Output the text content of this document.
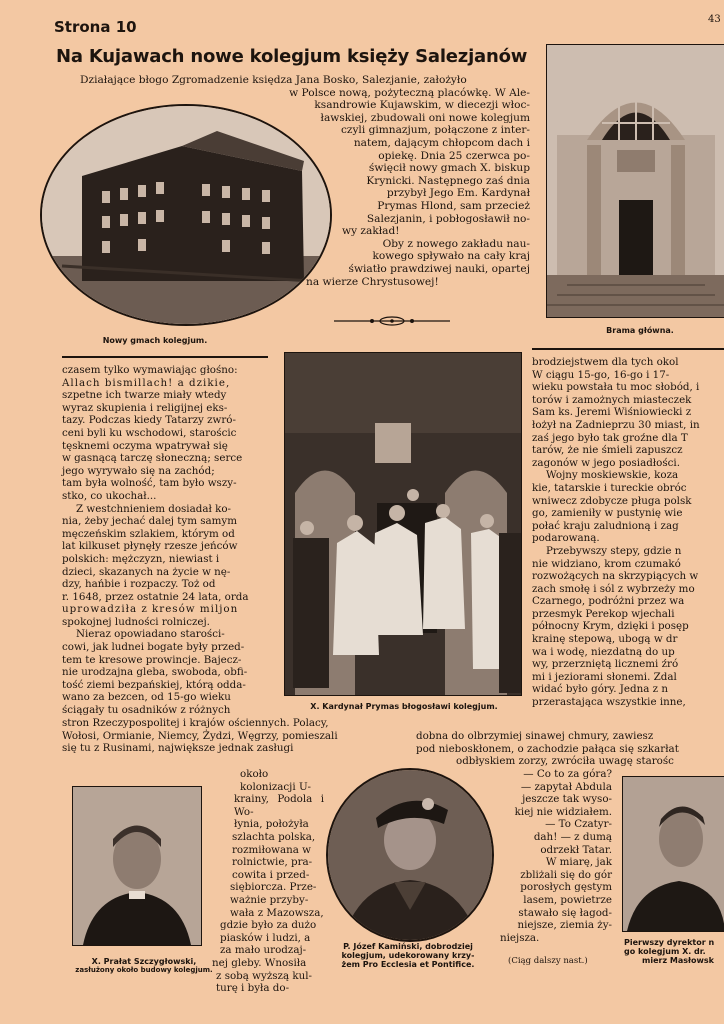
Strona 10	43
Na Kujawach nowe kolegjum księży Salezjanów
Działające błogo Zgromadzenie księdza Jana Bosko, Salezjanie, założyło
w Polsce nową, pożyteczną placówkę. W Ale-
ksandrowie Kujawskim, w diecezji włoc-
ławskiej, zbudowali oni nowe kolegjum
czyli gimnazjum, połączone z inter-
natem, dającym chłopcom dach i
opiekę. Dnia 25 czerwca po-
święcił nowy gmach X. biskup
Krynicki. Następnego zaś dnia
przybył Jego Em. Kardynał
Prymas Hlond, sam przecież
Salezjanin, i pobłogosławił no-
wy zakład!
Oby z nowego zakładu nau-
kowego spływało na cały kraj
światło prawdziwej nauki, opartej
na wierze Chrystusowej!
Nowy gmach kolegjum.
Brama główna.
X. Kardynał Prymas błogosławi kolegjum.

czasem tylko wymawiając głośno:

Allach bismillach! a dzikie,

szpetne ich twarze miały wtedy

wyraz skupienia i religijnej eks-

tazy. Podczas kiedy Tatarzy zwró-

ceni byli ku wschodowi, starościc

tęsknemi oczyma wpatrywał się

w gasnącą tarczę słoneczną; serce

jego wyrywało się na zachód;

tam była wolność, tam było wszy-

stko, co ukochał...

Z westchnieniem dosiadał ko-

nia, żeby jechać dalej tym samym

męczeńskim szlakiem, którym od

lat kilkuset płynęły rzesze jeńców

polskich: mężczyzn, niewiast i

dzieci, skazanych na życie w nę-

dzy, hańbie i rozpaczy. Toż od

r. 1648, przez ostatnie 24 lata, orda

uprowadziła z kresów miljon

spokojnej ludności rolniczej.

Nieraz opowiadano starości-

cowi, jak ludnei bogate były przed-

tem te kresowe prowincje. Bajecz-

nie urodzajna gleba, swoboda, obfi-

tość ziemi bezpańskiej, którą odda-

wano za bezcen, od 15-go wieku

ściągały tu osadników z różnych

stron Rzeczypospolitej i krajów ościennych. Polacy,

Wołosi, Ormianie, Niemcy, Żydzi, Węgrzy, pomieszali

się tu z Rusinami, największe jednak zasługi

brodziejstwem dla tych okol

W ciągu 15-go, 16-go i 17-

wieku powstała tu moc słobód, i

torów i zamożnych miasteczek

Sam ks. Jeremi Wiśniowiecki z

łożył na Zadnieprzu 30 miast, in

zaś jego było tak groźne dla T

tarów, że nie śmieli zapuszcz

zagonów w jego posiadłości.

Wojny moskiewskie, koza

kie, tatarskie i tureckie obróc

wniwecz zdobycze pługa polsk

go, zamieniły w pustynię wie

połać kraju zaludnioną i zag

podarowaną.

Przebywszy stepy, gdzie n

nie widziano, krom czumakó

rozwożących na skrzypiących w

zach smołę i sól z wybrzeży mo

Czarnego, podróżni przez wa

przesmyk Perekop wjechali

północny Krym, dzięki i posęp

krainę stepową, ubogą w dr

wa i wodę, niezdatną do up

wy, przerzniętą licznemi źró

mi i jeziorami słonemi. Zdal

widać było góry. Jedna z n

przerastająca wszystkie inne,

dobna do olbrzymiej sinawej chmury, zawiesz

pod nieboskłonem, o zachodzie pałąca się szkarłat

odbłyskiem zorzy, zwróciła uwagę starośc

X. Prałat Szczygłowski,
zasłużony około budowy kolegjum.

około kolonizacji U-

krainy, Podola i Wo-

łynia, położyła

szlachta polska,

rozmiłowana w

rolnictwie, pra-

cowita i przed-

siębiorcza. Prze-

ważnie przyby-

wała z Mazowsza,

gdzie było za dużo

piasków i ludzi, a

za mało urodzaj-

nej gleby. Wnosiła

z sobą wyższą kul-

turę i była do-

P. Józef Kamiński, dobrodziej
kolegjum, udekorowany krzy-
żem Pro Ecclesia et Pontifice.

— Co to za góra?

— zapytał Abdula

jeszcze tak wyso-

kiej nie widziałem.

— To Czatyr-

dah! — z dumą

odrzekł Tatar.

W miarę, jak

zbliżali się do gór

porosłych gęstym

lasem, powietrze

stawało się łagod-

niejsze, ziemia ży-

niejsza.

(Ciąg dalszy nast.)
Pierwszy dyrektor n
go kolegjum X. dr.
mierz Masłowsk
